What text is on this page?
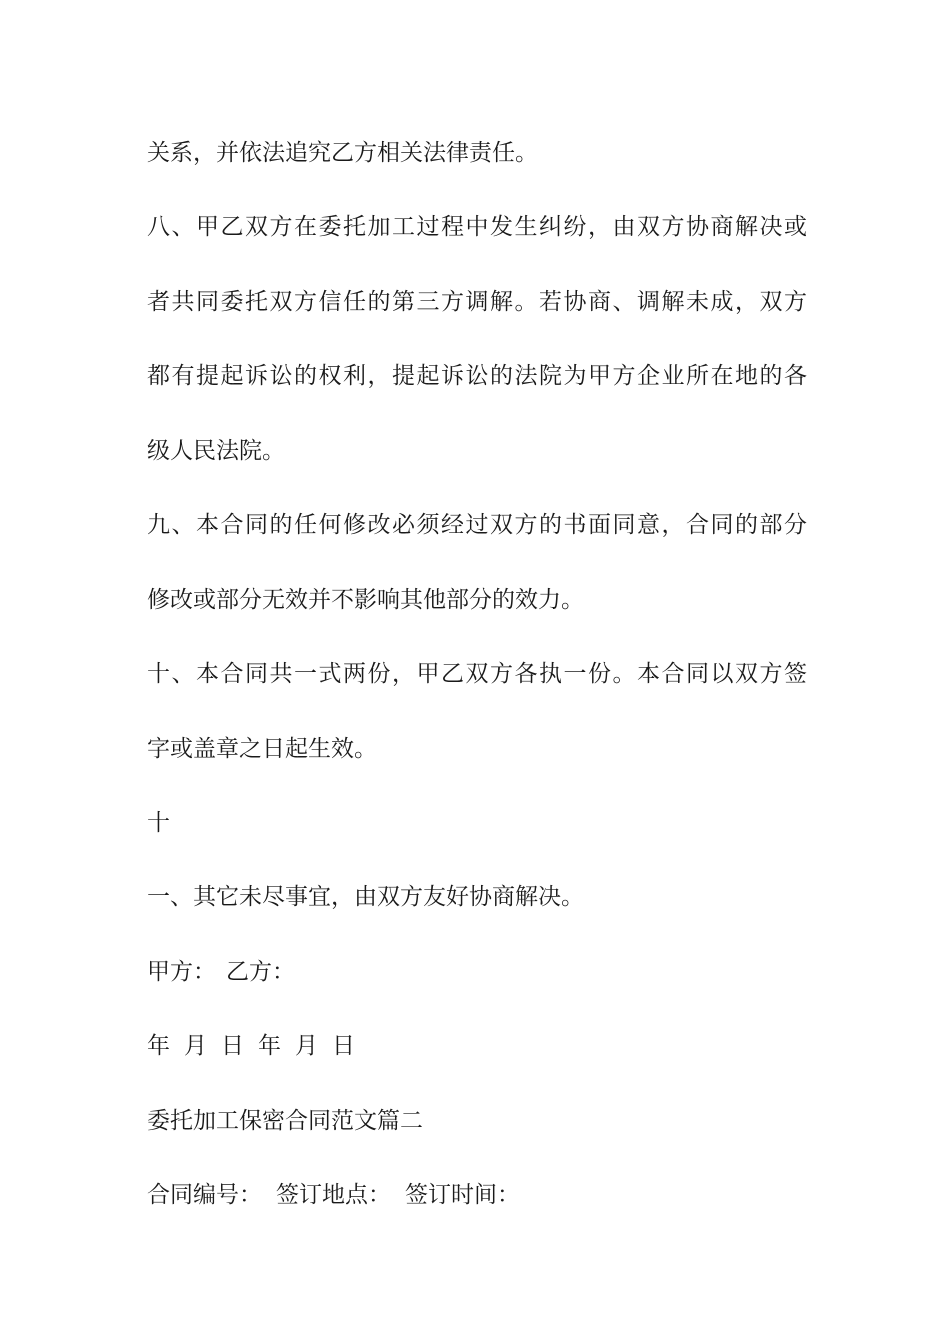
关系，并依法追究乙方相关法律责任。
八、甲乙双方在委托加工过程中发生纠纷，由双方协商解决或
者共同委托双方信任的第三方调解。若协商、调解未成，双方
都有提起诉讼的权利，提起诉讼的法院为甲方企业所在地的各
级人民法院。
九、本合同的任何修改必须经过双方的书面同意，合同的部分
修改或部分无效并不影响其他部分的效力。
十、本合同共一式两份，甲乙双方各执一份。本合同以双方签
字或盖章之日起生效。
十
一、其它未尽事宜，由双方友好协商解决。
甲方： 乙方：
年 月 日 年 月 日
委托加工保密合同范文篇二
合同编号： 签订地点： 签订时间：
